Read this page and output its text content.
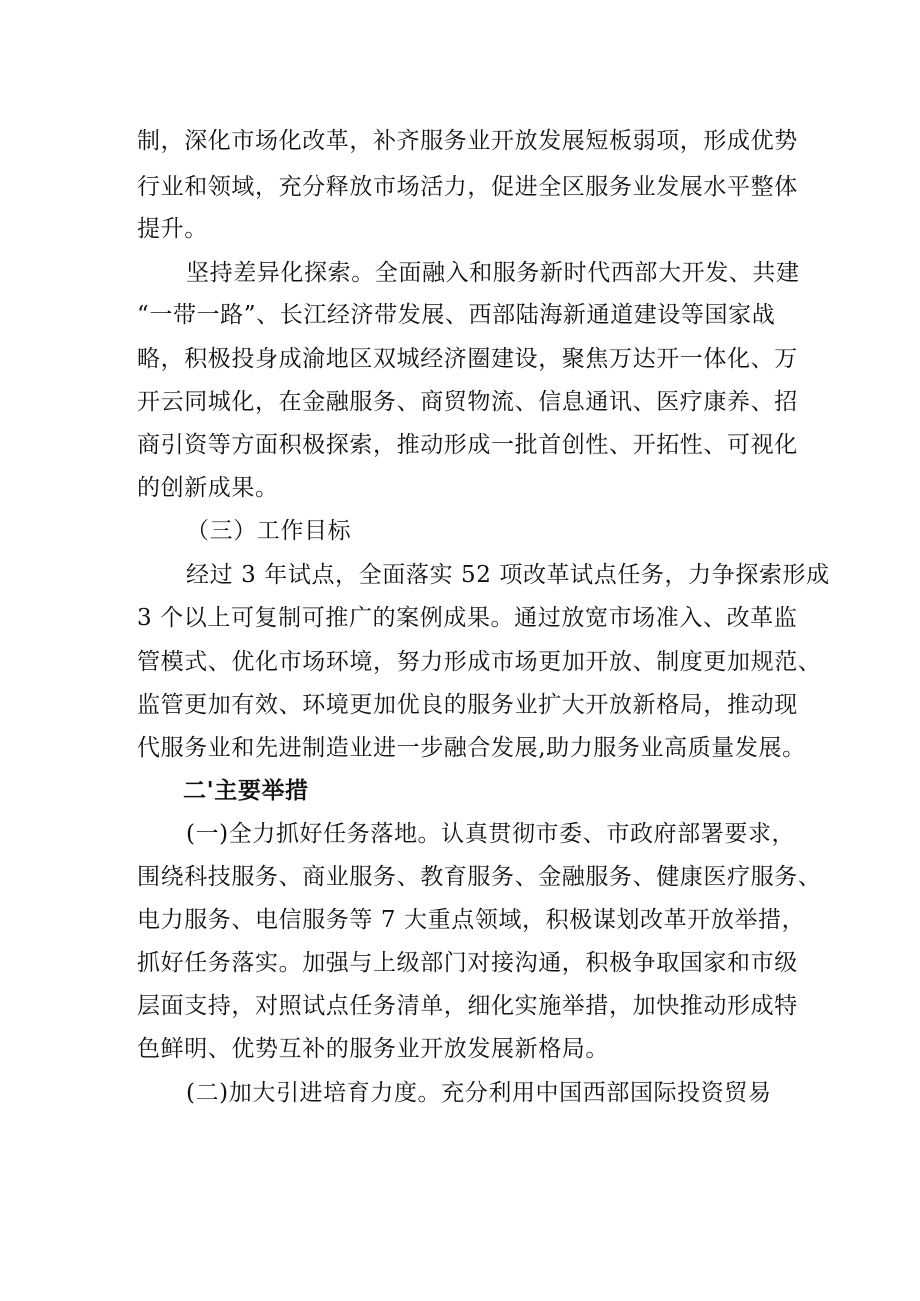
制，深化市场化改革，补齐服务业开放发展短板弱项，形成优势
行业和领域，充分释放市场活力，促进全区服务业发展水平整体
提升。
坚持差异化探索。全面融入和服务新时代西部大开发、共建
“一带一路”、长江经济带发展、西部陆海新通道建设等国家战
略，积极投身成渝地区双城经济圈建设，聚焦万达开一体化、万
开云同城化，在金融服务、商贸物流、信息通讯、医疗康养、招
商引资等方面积极探索，推动形成一批首创性、开拓性、可视化
的创新成果。
（三）工作目标
经过 3 年试点，全面落实 52 项改革试点任务，力争探索形成
3 个以上可复制可推广的案例成果。通过放宽市场准入、改革监
管模式、优化市场环境，努力形成市场更加开放、制度更加规范、
监管更加有效、环境更加优良的服务业扩大开放新格局，推动现
代服务业和先进制造业进一步融合发展,助力服务业高质量发展。
二'主要举措
(一)全力抓好任务落地。认真贯彻市委、市政府部署要求，
围绕科技服务、商业服务、教育服务、金融服务、健康医疗服务、
电力服务、电信服务等 7 大重点领域，积极谋划改革开放举措，
抓好任务落实。加强与上级部门对接沟通，积极争取国家和市级
层面支持，对照试点任务清单，细化实施举措，加快推动形成特
色鲜明、优势互补的服务业开放发展新格局。
(二)加大引进培育力度。充分利用中国西部国际投资贸易
